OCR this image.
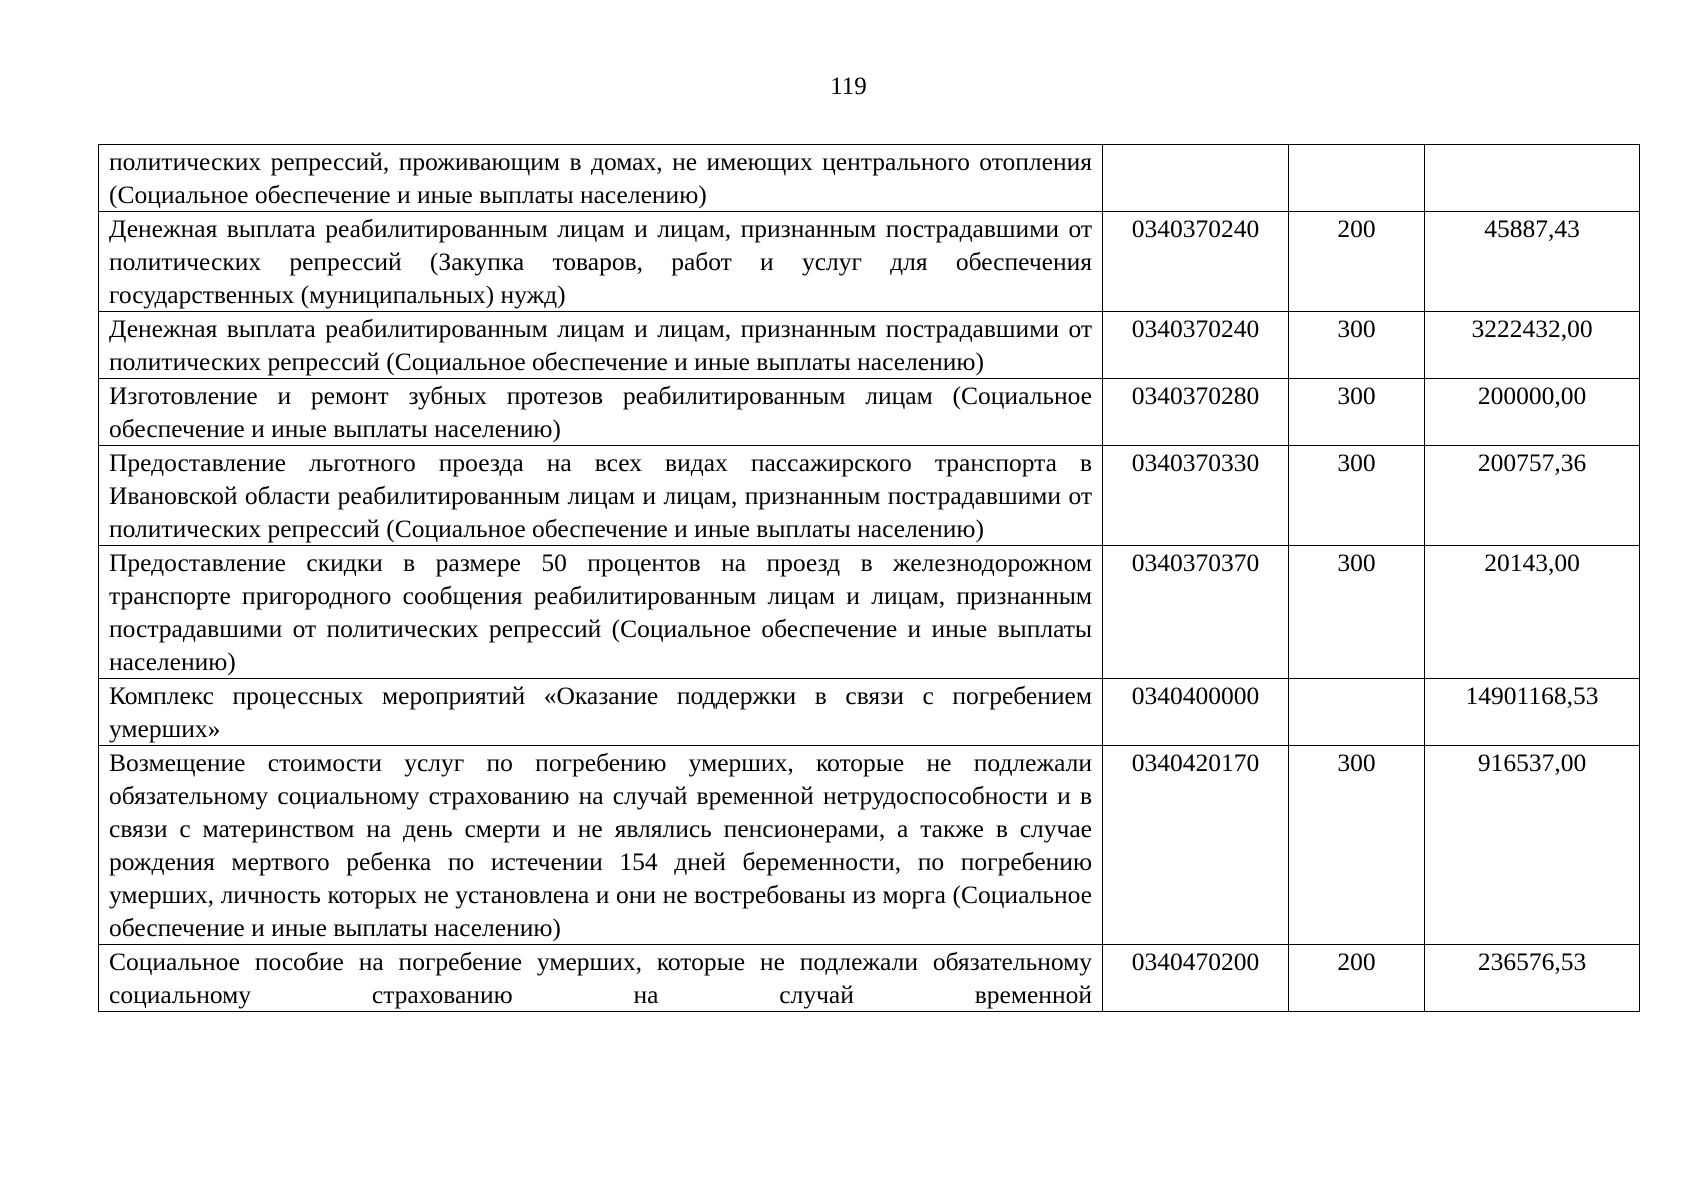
119
политических репрессий, проживающим в домах, не имеющих центрального отопления (Социальное обеспечение и иные выплаты населению)			
Денежная выплата реабилитированным лицам и лицам, признанным пострадавшими от политических репрессий (Закупка товаров, работ и услуг для обеспечения государственных (муниципальных) нужд)	0340370240	200	45887,43
Денежная выплата реабилитированным лицам и лицам, признанным пострадавшими от политических репрессий (Социальное обеспечение и иные выплаты населению)	0340370240	300	3222432,00
Изготовление и ремонт зубных протезов реабилитированным лицам (Социальное обеспечение и иные выплаты населению)	0340370280	300	200000,00
Предоставление льготного проезда на всех видах пассажирского транспорта в Ивановской области реабилитированным лицам и лицам, признанным пострадавшими от политических репрессий (Социальное обеспечение и иные выплаты населению)	0340370330	300	200757,36
Предоставление скидки в размере 50 процентов на проезд в железнодорожном транспорте пригородного сообщения реабилитированным лицам и лицам, признанным пострадавшими от политических репрессий (Социальное обеспечение и иные выплаты населению)	0340370370	300	20143,00
Комплекс процессных мероприятий «Оказание поддержки в связи с погребением умерших»	0340400000		14901168,53
Возмещение стоимости услуг по погребению умерших, которые не подлежали обязательному социальному страхованию на случай временной нетрудоспособности и в связи с материнством на день смерти и не являлись пенсионерами, а также в случае рождения мертвого ребенка по истечении 154 дней беременности, по погребению умерших, личность которых не установлена и они не востребованы из морга (Социальное обеспечение и иные выплаты населению)	0340420170	300	916537,00
Социальное пособие на погребение умерших, которые не подлежали обязательному социальному страхованию на случай временной	0340470200	200	236576,53
